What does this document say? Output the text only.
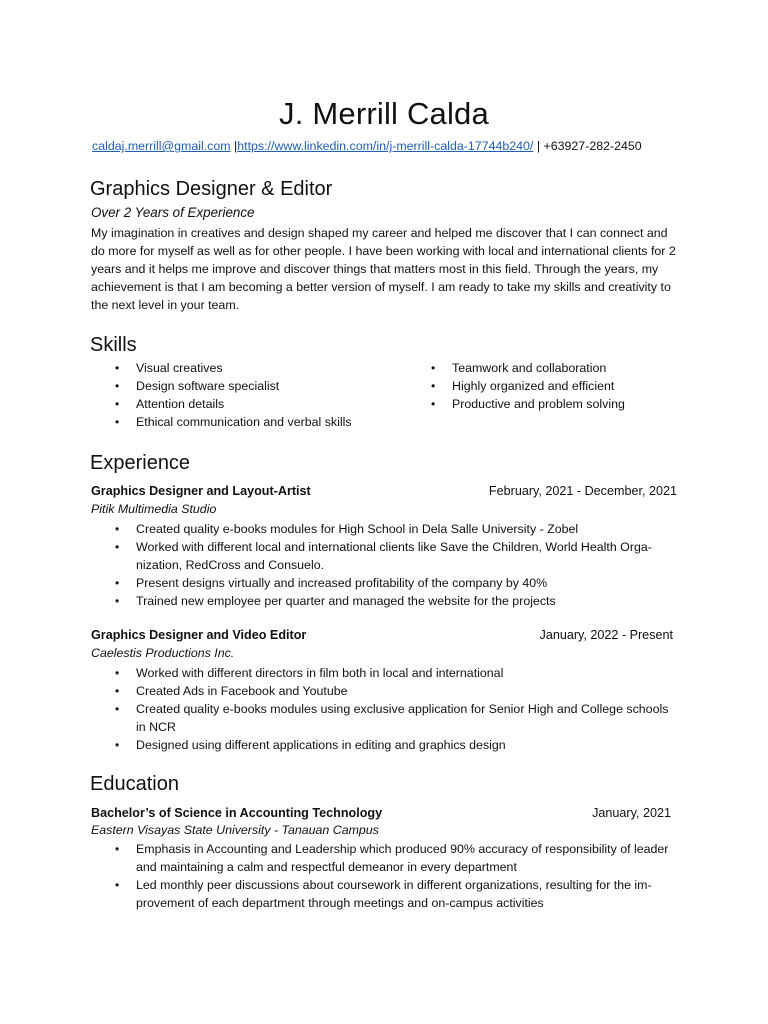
J. Merrill Calda
caldaj.merrill@gmail.com |https://www.linkedin.com/in/j-merrill-calda-17744b240/ | +63927-282-2450
Graphics Designer & Editor
Over 2 Years of Experience
My imagination in creatives and design shaped my career and helped me discover that I can connect and do more for myself as well as for other people. I have been working with local and international clients for 2 years and it helps me improve and discover things that matters most in this field. Through the years, my achievement is that I am becoming a better version of myself. I am ready to take my skills and creativity to the next level in your team.
Skills
• Visual creatives
• Design software specialist
• Attention details
• Ethical communication and verbal skills
• Teamwork and collaboration
• Highly organized and efficient
• Productive and problem solving
Experience
Graphics Designer and Layout-Artist	February, 2021 - December, 2021
Pitik Multimedia Studio
• Created quality e-books modules for High School in Dela Salle University - Zobel
• Worked with different local and international clients like Save the Children, World Health Orga-nization, RedCross and Consuelo.
• Present designs virtually and increased profitability of the company by 40%
• Trained new employee per quarter and managed the website for the projects
Graphics Designer and Video Editor	January, 2022 - Present
Caelestis Productions Inc.
• Worked with different directors in film both in local and international
• Created Ads in Facebook and Youtube
• Created quality e-books modules using exclusive application for Senior High and College schools in NCR
• Designed using different applications in editing and graphics design
Education
Bachelor’s of Science in Accounting Technology	January, 2021
Eastern Visayas State University - Tanauan Campus
• Emphasis in Accounting and Leadership which produced 90% accuracy of responsibility of leader and maintaining a calm and respectful demeanor in every department
• Led monthly peer discussions about coursework in different organizations, resulting for the im-provement of each department through meetings and on-campus activities
